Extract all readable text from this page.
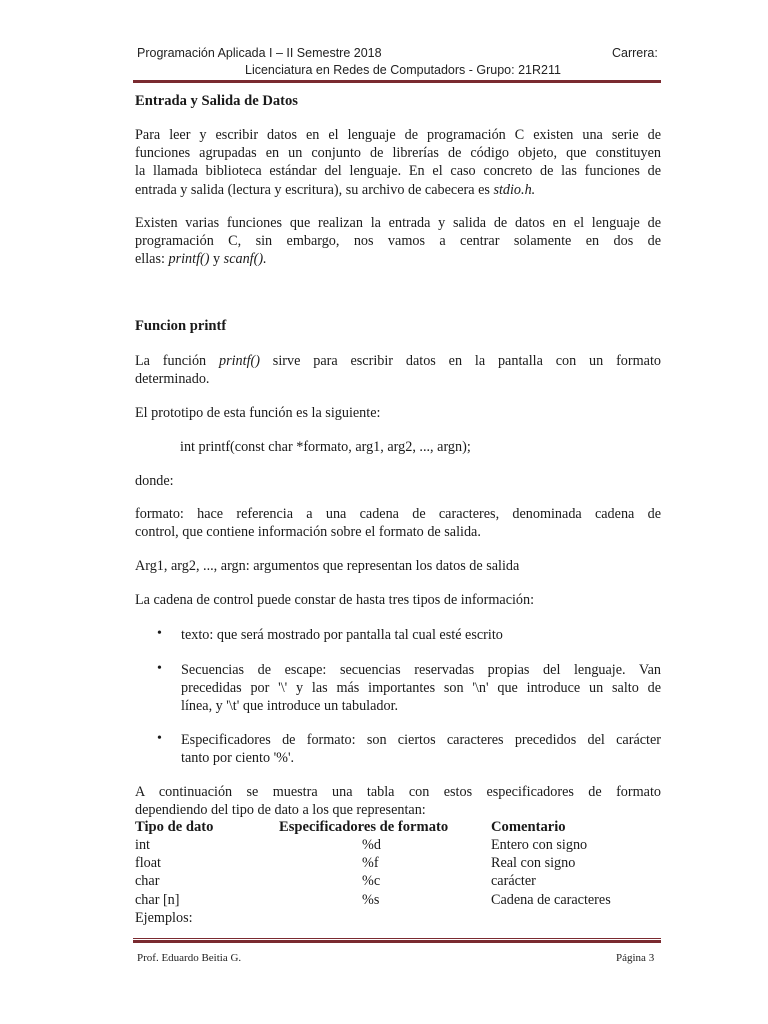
Programación Aplicada I – II Semestre 2018	Carrera:
Licenciatura en Redes de Computadors - Grupo: 21R211
Entrada y Salida de Datos
Para leer y escribir datos en el lenguaje de programación C existen una serie de
funciones agrupadas en un conjunto de librerías de código objeto, que constituyen
la llamada biblioteca estándar del lenguaje. En el caso concreto de las funciones de
entrada y salida (lectura y escritura), su archivo de cabecera es stdio.h.
Existen varias funciones que realizan la entrada y salida de datos en el lenguaje de
programación C, sin embargo, nos vamos a centrar solamente en dos de
ellas: printf() y scanf().
Funcion printf
La función printf() sirve para escribir datos en la pantalla con un formato
determinado.
El prototipo de esta función es la siguiente:
int printf(const char *formato, arg1, arg2, ..., argn);
donde:
formato: hace referencia a una cadena de caracteres, denominada cadena de
control, que contiene información sobre el formato de salida.
Arg1, arg2, ..., argn: argumentos que representan los datos de salida
La cadena de control puede constar de hasta tres tipos de información:
• texto: que será mostrado por pantalla tal cual esté escrito
• Secuencias de escape: secuencias reservadas propias del lenguaje. Van
precedidas por '\' y las más importantes son '\n' que introduce un salto de
línea, y '\t' que introduce un tabulador.
• Especificadores de formato: son ciertos caracteres precedidos del carácter
tanto por ciento '%'.
A continuación se muestra una tabla con estos especificadores de formato
dependiendo del tipo de dato a los que representan:
Tipo de dato	Especificadores de formato	Comentario
int	%d	Entero con signo
float	%f	Real con signo
char	%c	carácter
char [n]	%s	Cadena de caracteres
Ejemplos:
Prof. Eduardo Beitia G.	Página 3
